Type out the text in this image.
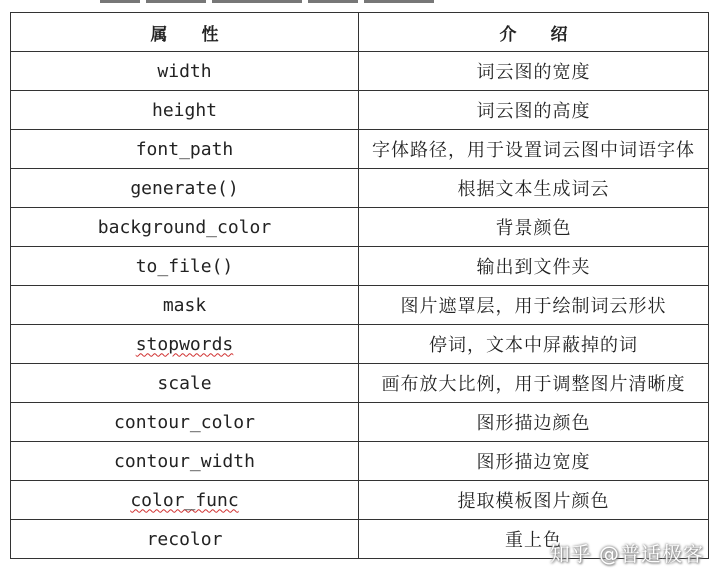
属　　性	介　　绍
width	词云图的宽度
height	词云图的高度
font_path	字体路径，用于设置词云图中词语字体
generate()	根据文本生成词云
background_color	背景颜色
to_file()	输出到文件夹
mask	图片遮罩层，用于绘制词云形状
stopwords	停词，文本中屏蔽掉的词
scale	画布放大比例，用于调整图片清晰度
contour_color	图形描边颜色
contour_width	图形描边宽度
color_func	提取模板图片颜色
recolor	重上色
知乎 @普适极客
